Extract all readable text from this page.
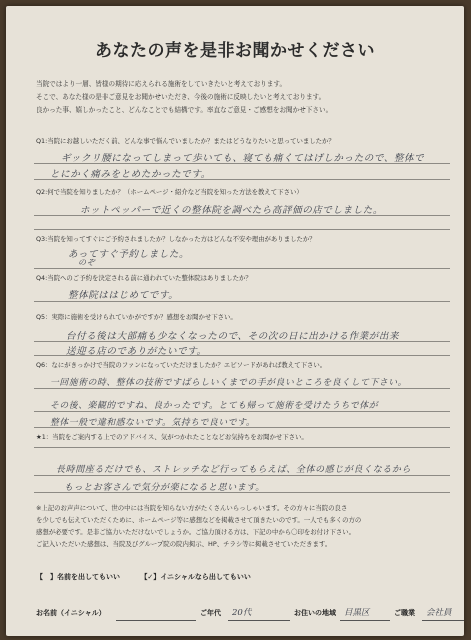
あなたの声を是非お聞かせください
当院ではより一層、皆様の期待に応えられる施術をしていきたいと考えております。
そこで、あなた様の是非ご意見をお聞かせいただき、今後の施術に反映したいと考えております。
良かった事、嬉しかったこと、どんなことでも結構です。率直なご意見・ご感想をお聞かせ下さい。
Q1:当院にお越しいただく前、どんな事で悩んでいましたか？またはどうなりたいと思っていましたか？
ギックリ腰になってしまって歩いても、寝ても痛くてはげしかったので、整体で
とにかく痛みをとめたかったです。
Q2:何で当院を知りましたか？（ホームページ・紹介など当院を知った方法を教えて下さい）
ホットペッパーで近くの整体院を調べたら高評価の店でしました。
Q3:当院を知ってすぐにご予約されましたか？しなかった方はどんな不安や理由がありましたか？
あってすぐ予約しました。
のぞ
Q4:当院へのご予約を決定される前に通われていた整体院はありましたか？
整体院ははじめてです。
Q5：実際に施術を受けられていかがですか？感想をお聞かせ下さい。
台付る後は大部痛も少なくなったので、その次の日に出かける作業が出来
送迎る店のでありがたいです。
Q6：なにがきっかけで当院のファンになっていただけましたか？エピソードがあれば教えて下さい。
一回施術の時、整体の技術ですばらしいくまでの手が良いところを良くして下さい。
その後、楽観的ですね、良かったです。とても帰って施術を受けたうちで体が
整体一般で違和感ないです。気持ちで良いです。
★1：当院をご案内する上でのアドバイス、気がつかれたことなどお気持ちをお聞かせ下さい。
長時間座るだけでも、ストレッチなど行ってもらえば、全体の感じが良くなるから
もっとお客さんで気分が楽になると思います。
※上記のお声声について、世の中には当院を知らない方がたくさんいらっしゃいます。その方々に当院の良さ
を少しでも伝えていただくために、ホームページ等に感想などを掲載させて頂きたいのです。一人でも多くの方の
感想が必要です。是非ご協力いただけないでしょうか。ご協力頂ける方は、下記の中から〇印をお付け下さい。
ご記入いただいた感想は、当院及びグループ院の院内掲示、HP、チラシ等に掲載させていただきます。
【　】名前を出してもいい	【✓】イニシャルなら出してもいい
お名前（イニシャル）	ご年代 20代	お住いの地域 目黒区	ご職業 会社員
